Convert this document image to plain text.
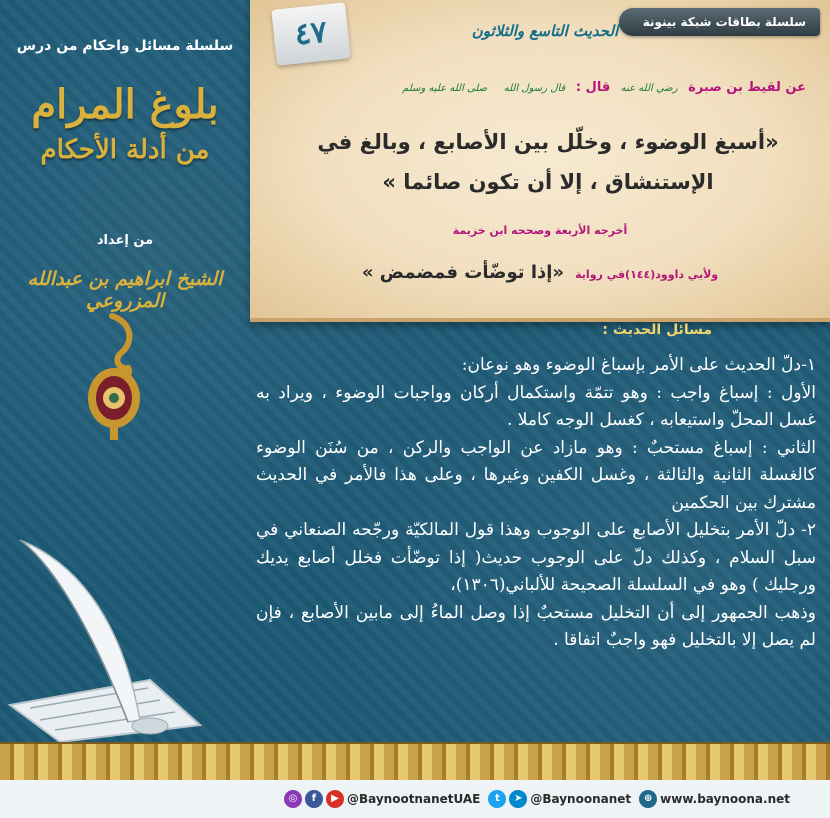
سلسلة مسائل واحكام من درس
بلوغ المرام
من أدلة الأحكام
من إعداد
الشيخ ابراهيم بن عبدالله المزروعي
٤٧	سلسلة بطاقات شبكة بينونة
الحديث التاسع والثلاثون
عن لقيط بن صبرة رضي الله عنه قال : قال رسول الله صلى الله عليه وسلم
«أسبغ الوضوء ، وخلّل بين الأصابع ، وبالغ في الإستنشاق ، إلا أن تكون صائما »
أخرجه الأربعة وصححه ابن خزيمة
ولأبي داوود(١٤٤)في رواية «إذا توضّأت فمضمض »
مسائل الحديث :

١-دلّ الحديث على الأمر بإسباغ الوضوء وهو نوعان:

الأول : إسباغ واجب : وهو تتمّة واستكمال أركان وواجبات الوضوء ، ويراد به غسل المحلّ واستيعابه ، كغسل الوجه كاملا .

الثاني : إسباغ مستحبٌ : وهو مازاد عن الواجب والركن ، من سُنَن الوضوء كالغسلة الثانية والثالثة ، وغسل الكفين وغيرها ، وعلى هذا فالأمر في الحديث مشترك بين الحكمين

٢- دلّ الأمر بتخليل الأصابع على الوجوب وهذا قول المالكيّة ورجّحه الصنعاني في سبل السلام ، وكذلك دلّ على الوجوب حديث( إذا توضّأت فخلل أصابع يديك ورجليك ) وهو في السلسلة الصحيحة للألباني(١٣٠٦)،

وذهب الجمهور إلى أن التخليل مستحبٌ إذا وصل الماءُ إلى مابين الأصابع ، فإن لم يصل إلا بالتخليل فهو واجبٌ اتفاقا .

◎	f	▶ @BaynootnanetUAE	t	➤ @Baynoonanet	⊕ www.baynoona.net
